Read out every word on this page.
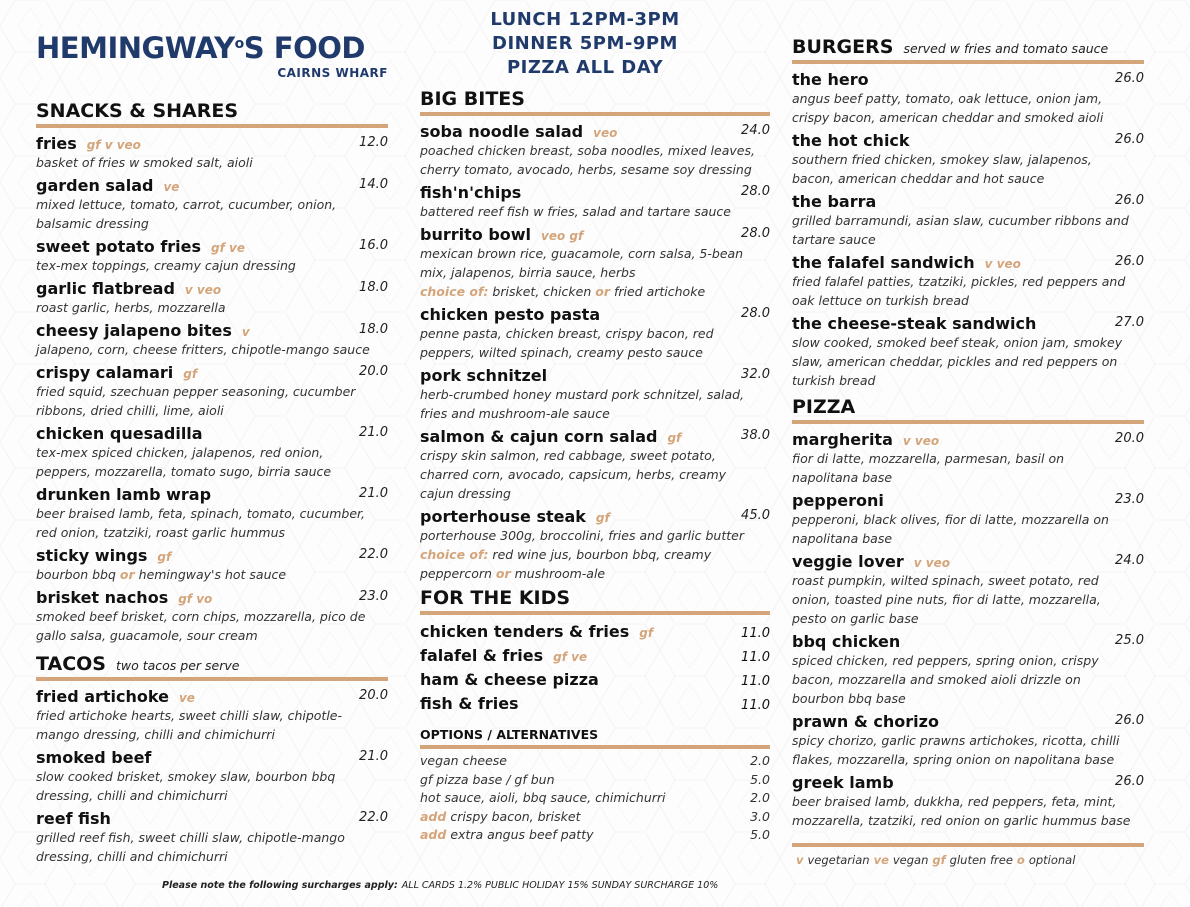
HEMINGWAY$^o$S FOOD
CAIRNS WHARF
LUNCH 12PM-3PM
DINNER 5PM-9PM
PIZZA ALL DAY
SNACKS & SHARES
fries gf v veo	12.0
basket of fries w smoked salt, aioli
garden salad ve	14.0
mixed lettuce, tomato, carrot, cucumber, onion, balsamic dressing
sweet potato fries gf ve	16.0
tex-mex toppings, creamy cajun dressing
garlic flatbread v veo	18.0
roast garlic, herbs, mozzarella
cheesy jalapeno bites v	18.0
jalapeno, corn, cheese fritters, chipotle-mango sauce
crispy calamari gf	20.0
fried squid, szechuan pepper seasoning, cucumber ribbons, dried chilli, lime, aioli
chicken quesadilla	21.0
tex-mex spiced chicken, jalapenos, red onion, peppers, mozzarella, tomato sugo, birria sauce
drunken lamb wrap	21.0
beer braised lamb, feta, spinach, tomato, cucumber, red onion, tzatziki, roast garlic hummus
sticky wings gf	22.0
bourbon bbq or hemingway's hot sauce
brisket nachos gf vo	23.0
smoked beef brisket, corn chips, mozzarella, pico de gallo salsa, guacamole, sour cream
TACOS two tacos per serve
fried artichoke ve	20.0
fried artichoke hearts, sweet chilli slaw, chipotle-mango dressing, chilli and chimichurri
smoked beef	21.0
slow cooked brisket, smokey slaw, bourbon bbq dressing, chilli and chimichurri
reef fish	22.0
grilled reef fish, sweet chilli slaw, chipotle-mango dressing, chilli and chimichurri
BIG BITES
soba noodle salad veo	24.0
poached chicken breast, soba noodles, mixed leaves, cherry tomato, avocado, herbs, sesame soy dressing
fish'n'chips	28.0
battered reef fish w fries, salad and tartare sauce
burrito bowl veo gf	28.0
mexican brown rice, guacamole, corn salsa, 5-bean mix, jalapenos, birria sauce, herbs
choice of: brisket, chicken or fried artichoke
chicken pesto pasta	28.0
penne pasta, chicken breast, crispy bacon, red peppers, wilted spinach, creamy pesto sauce
pork schnitzel	32.0
herb-crumbed honey mustard pork schnitzel, salad, fries and mushroom-ale sauce
salmon & cajun corn salad gf	38.0
crispy skin salmon, red cabbage, sweet potato, charred corn, avocado, capsicum, herbs, creamy cajun dressing
porterhouse steak gf	45.0
porterhouse 300g, broccolini, fries and garlic butter
choice of: red wine jus, bourbon bbq, creamy peppercorn or mushroom-ale
FOR THE KIDS
chicken tenders & fries gf	11.0
falafel & fries gf ve	11.0
ham & cheese pizza	11.0
fish & fries	11.0
OPTIONS / ALTERNATIVES
vegan cheese	2.0
gf pizza base / gf bun	5.0
hot sauce, aioli, bbq sauce, chimichurri	2.0
add crispy bacon, brisket	3.0
add extra angus beef patty	5.0
BURGERS served w fries and tomato sauce
the hero	26.0
angus beef patty, tomato, oak lettuce, onion jam, crispy bacon, american cheddar and smoked aioli
the hot chick	26.0
southern fried chicken, smokey slaw, jalapenos, bacon, american cheddar and hot sauce
the barra	26.0
grilled barramundi, asian slaw, cucumber ribbons and tartare sauce
the falafel sandwich v veo	26.0
fried falafel patties, tzatziki, pickles, red peppers and oak lettuce on turkish bread
the cheese-steak sandwich	27.0
slow cooked, smoked beef steak, onion jam, smokey slaw, american cheddar, pickles and red peppers on turkish bread
PIZZA
margherita v veo	20.0
fior di latte, mozzarella, parmesan, basil on napolitana base
pepperoni	23.0
pepperoni, black olives, fior di latte, mozzarella on napolitana base
veggie lover v veo	24.0
roast pumpkin, wilted spinach, sweet potato, red onion, toasted pine nuts, fior di latte, mozzarella, pesto on garlic base
bbq chicken	25.0
spiced chicken, red peppers, spring onion, crispy bacon, mozzarella and smoked aioli drizzle on bourbon bbq base
prawn & chorizo	26.0
spicy chorizo, garlic prawns artichokes, ricotta, chilli flakes, mozzarella, spring onion on napolitana base
greek lamb	26.0
beer braised lamb, dukkha, red peppers, feta, mint, mozzarella, tzatziki, red onion on garlic hummus base
v vegetarian ve vegan gf gluten free o optional
Please note the following surcharges apply: ALL CARDS 1.2% PUBLIC HOLIDAY 15% SUNDAY SURCHARGE 10%
